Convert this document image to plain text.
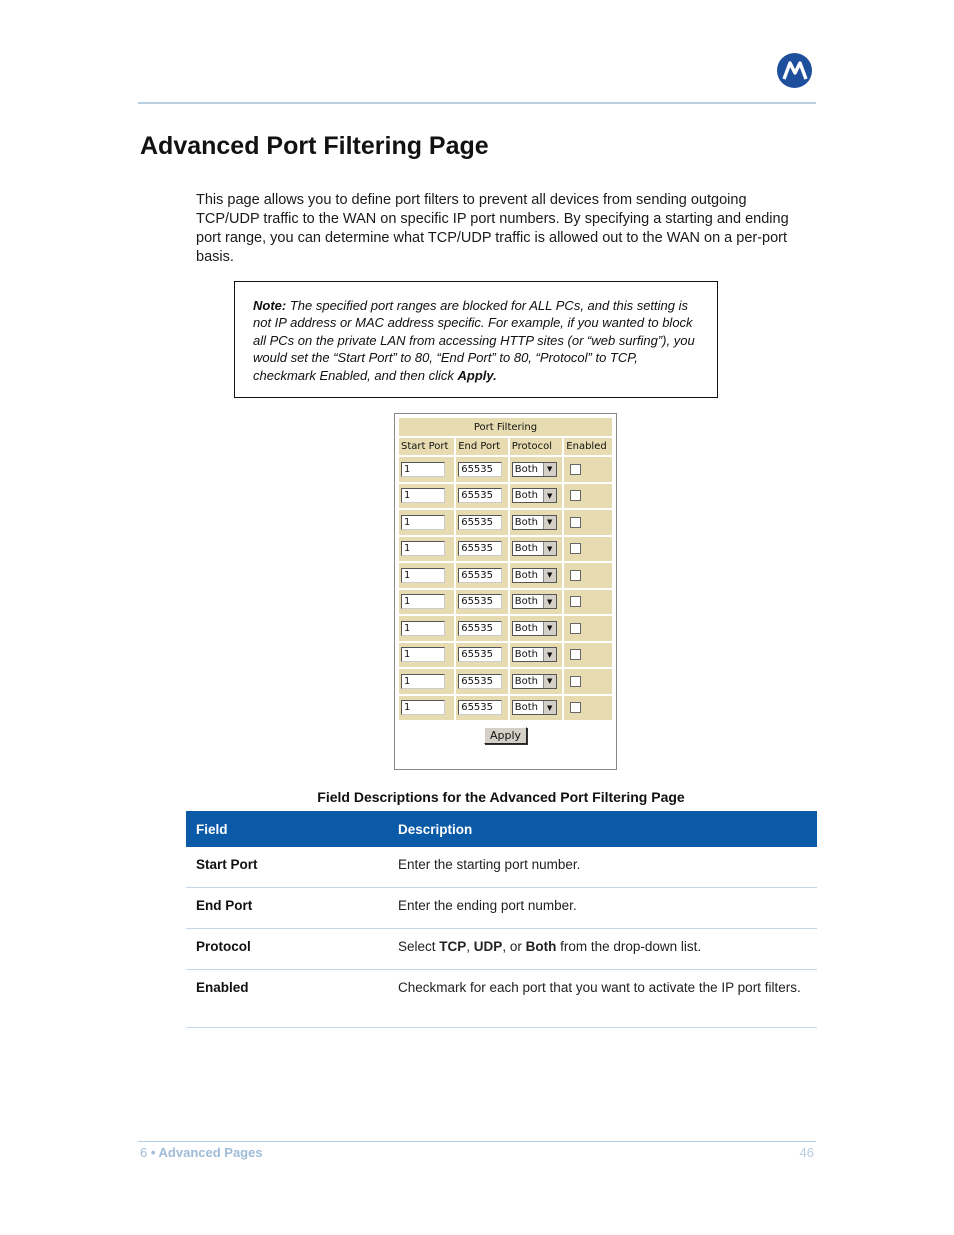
Advanced Port Filtering Page
This page allows you to define port filters to prevent all devices from sending outgoing TCP/UDP traffic to the WAN on specific IP port numbers. By specifying a starting and ending port range, you can determine what TCP/UDP traffic is allowed out to the WAN on a per-port basis.
Note: The specified port ranges are blocked for ALL PCs, and this setting is not IP address or MAC address specific. For example, if you wanted to block all PCs on the private LAN from accessing HTTP sites (or “web surfing”), you would set the “Start Port” to 80, “End Port” to 80, “Protocol” to TCP, checkmark Enabled, and then click Apply.
Port Filtering			
Start Port	End Port	Protocol	Enabled

1	65535	Both ▼	

1	65535	Both ▼	

1	65535	Both ▼	

1	65535	Both ▼	

1	65535	Both ▼	

1	65535	Both ▼	

1	65535	Both ▼	

1	65535	Both ▼	

1	65535	Both ▼	

1	65535	Both ▼	

Apply			
Field Descriptions for the Advanced Port Filtering Page
Field	Description
Start Port	Enter the starting port number.
End Port	Enter the ending port number.
Protocol	Select TCP, UDP, or Both from the drop-down list.
Enabled	Checkmark for each port that you want to activate the IP port filters.
6 • Advanced Pages	46
